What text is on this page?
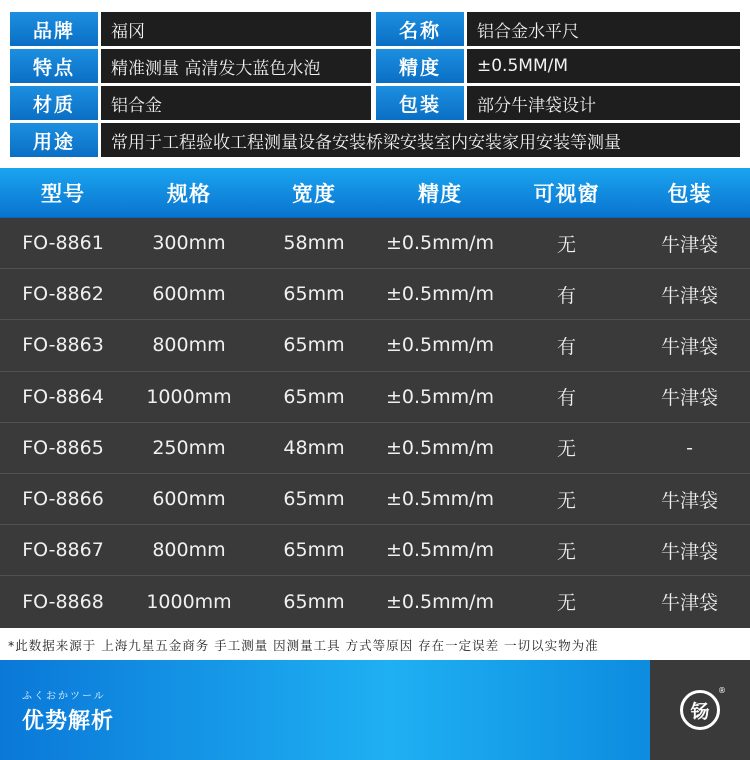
品牌	福冈	名称	铝合金水平尺
特点	精准测量 高清发大蓝色水泡	精度	±0.5MM/M
材质	铝合金	包装	部分牛津袋设计
用途	常用于工程验收工程测量设备安装桥梁安装室内安装家用安装等测量
型号	规格	宽度	精度	可视窗	包装
FO-8861	300mm	58mm	±0.5mm/m	无	牛津袋
FO-8862	600mm	65mm	±0.5mm/m	有	牛津袋
FO-8863	800mm	65mm	±0.5mm/m	有	牛津袋
FO-8864	1000mm	65mm	±0.5mm/m	有	牛津袋
FO-8865	250mm	48mm	±0.5mm/m	无	-
FO-8866	600mm	65mm	±0.5mm/m	无	牛津袋
FO-8867	800mm	65mm	±0.5mm/m	无	牛津袋
FO-8868	1000mm	65mm	±0.5mm/m	无	牛津袋
*此数据来源于 上海九星五金商务 手工测量 因测量工具 方式等原因 存在一定误差 一切以实物为准
ふくおかツール
优势解析	钖
®
